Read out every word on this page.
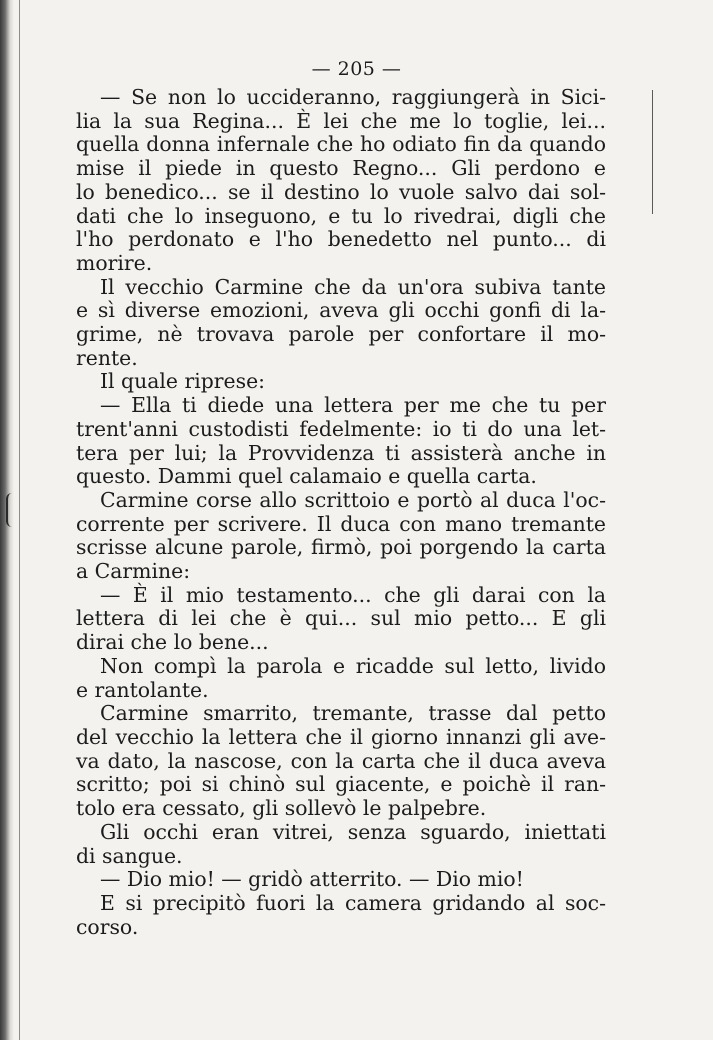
— 205 —
— Se non lo uccideranno, raggiungerà in Sici-
lia la sua Regina... È lei che me lo toglie, lei...
quella donna infernale che ho odiato fin da quando
mise il piede in questo Regno... Gli perdono e
lo benedico... se il destino lo vuole salvo dai sol-
dati che lo inseguono, e tu lo rivedrai, digli che
l'ho perdonato e l'ho benedetto nel punto... di
morire.
Il vecchio Carmine che da un'ora subiva tante
e sì diverse emozioni, aveva gli occhi gonfi di la-
grime, nè trovava parole per confortare il mo-
rente.
Il quale riprese:
— Ella ti diede una lettera per me che tu per
trent'anni custodisti fedelmente: io ti do una let-
tera per lui; la Provvidenza ti assisterà anche in
questo. Dammi quel calamaio e quella carta.
Carmine corse allo scrittoio e portò al duca l'oc-
corrente per scrivere. Il duca con mano tremante
scrisse alcune parole, firmò, poi porgendo la carta
a Carmine:
— È il mio testamento... che gli darai con la
lettera di lei che è qui... sul mio petto... E gli
dirai che lo bene...
Non compì la parola e ricadde sul letto, livido
e rantolante.
Carmine smarrito, tremante, trasse dal petto
del vecchio la lettera che il giorno innanzi gli ave-
va dato, la nascose, con la carta che il duca aveva
scritto; poi si chinò sul giacente, e poichè il ran-
tolo era cessato, gli sollevò le palpebre.
Gli occhi eran vitrei, senza sguardo, iniettati
di sangue.
— Dio mio! — gridò atterrito. — Dio mio!
E si precipitò fuori la camera gridando al soc-
corso.
